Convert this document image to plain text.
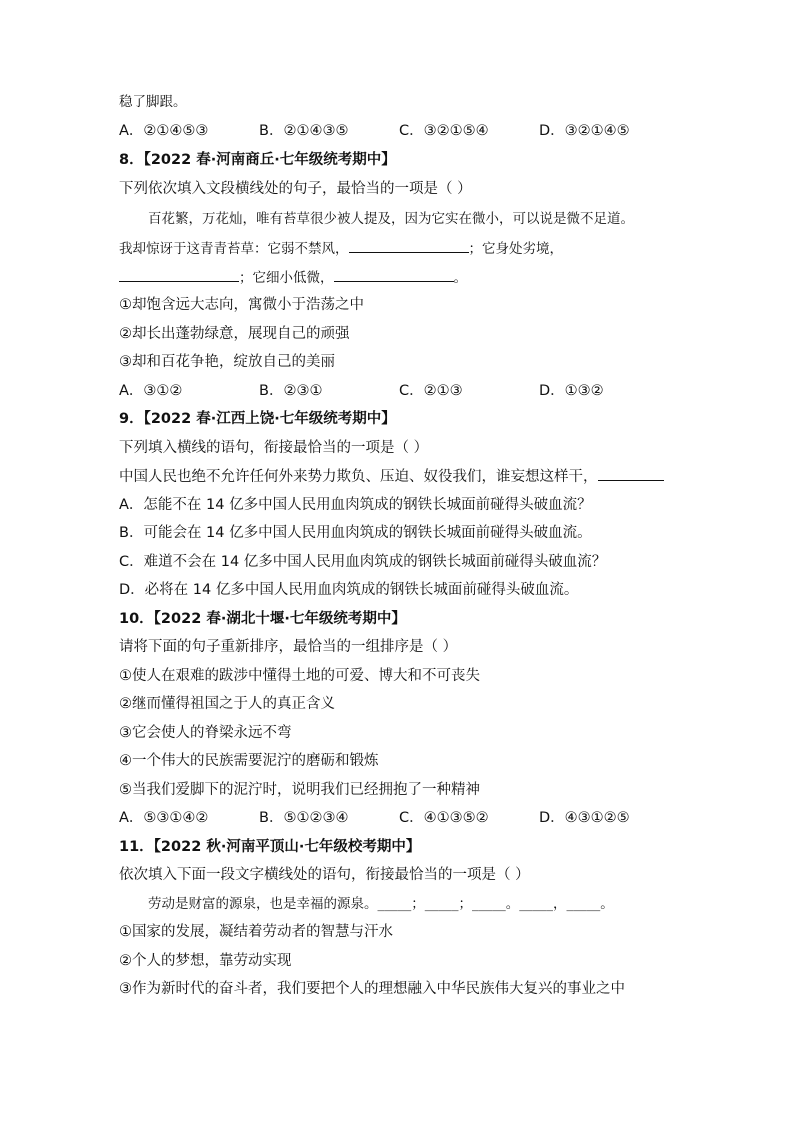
稳了脚跟。
A．②①④⑤③	B．②①④③⑤	C．③②①⑤④	D．③②①④⑤
8．【2022 春·河南商丘·七年级统考期中】
下列依次填入文段横线处的句子，最恰当的一项是（ ）
百花繁，万花灿，唯有苔草很少被人提及，因为它实在微小，可以说是微不足道。
我却惊讶于这青青苔草：它弱不禁风，	；它身处劣境，
；它细小低微，	。
①却饱含远大志向，寓微小于浩荡之中
②却长出蓬勃绿意，展现自己的顽强
③却和百花争艳，绽放自己的美丽
A．③①②	B．②③①	C．②①③	D．①③②
9．【2022 春·江西上饶·七年级统考期中】
下列填入横线的语句，衔接最恰当的一项是（ ）
中国人民也绝不允许任何外来势力欺负、压迫、奴役我们，谁妄想这样干，
A．怎能不在 14 亿多中国人民用血肉筑成的钢铁长城面前碰得头破血流？
B．可能会在 14 亿多中国人民用血肉筑成的钢铁长城面前碰得头破血流。
C．难道不会在 14 亿多中国人民用血肉筑成的钢铁长城面前碰得头破血流？
D．必将在 14 亿多中国人民用血肉筑成的钢铁长城面前碰得头破血流。
10．【2022 春·湖北十堰·七年级统考期中】
请将下面的句子重新排序，最恰当的一组排序是（ ）
①使人在艰难的跋涉中懂得土地的可爱、博大和不可丧失
②继而懂得祖国之于人的真正含义
③它会使人的脊梁永远不弯
④一个伟大的民族需要泥泞的磨砺和锻炼
⑤当我们爱脚下的泥泞时，说明我们已经拥抱了一种精神
A．⑤③①④②	B．⑤①②③④	C．④①③⑤②	D．④③①②⑤
11．【2022 秋·河南平顶山·七年级校考期中】
依次填入下面一段文字横线处的语句，衔接最恰当的一项是（ ）
劳动是财富的源泉，也是幸福的源泉。_____；_____；_____。_____，_____。
①国家的发展，凝结着劳动者的智慧与汗水
②个人的梦想，靠劳动实现
③作为新时代的奋斗者，我们要把个人的理想融入中华民族伟大复兴的事业之中
